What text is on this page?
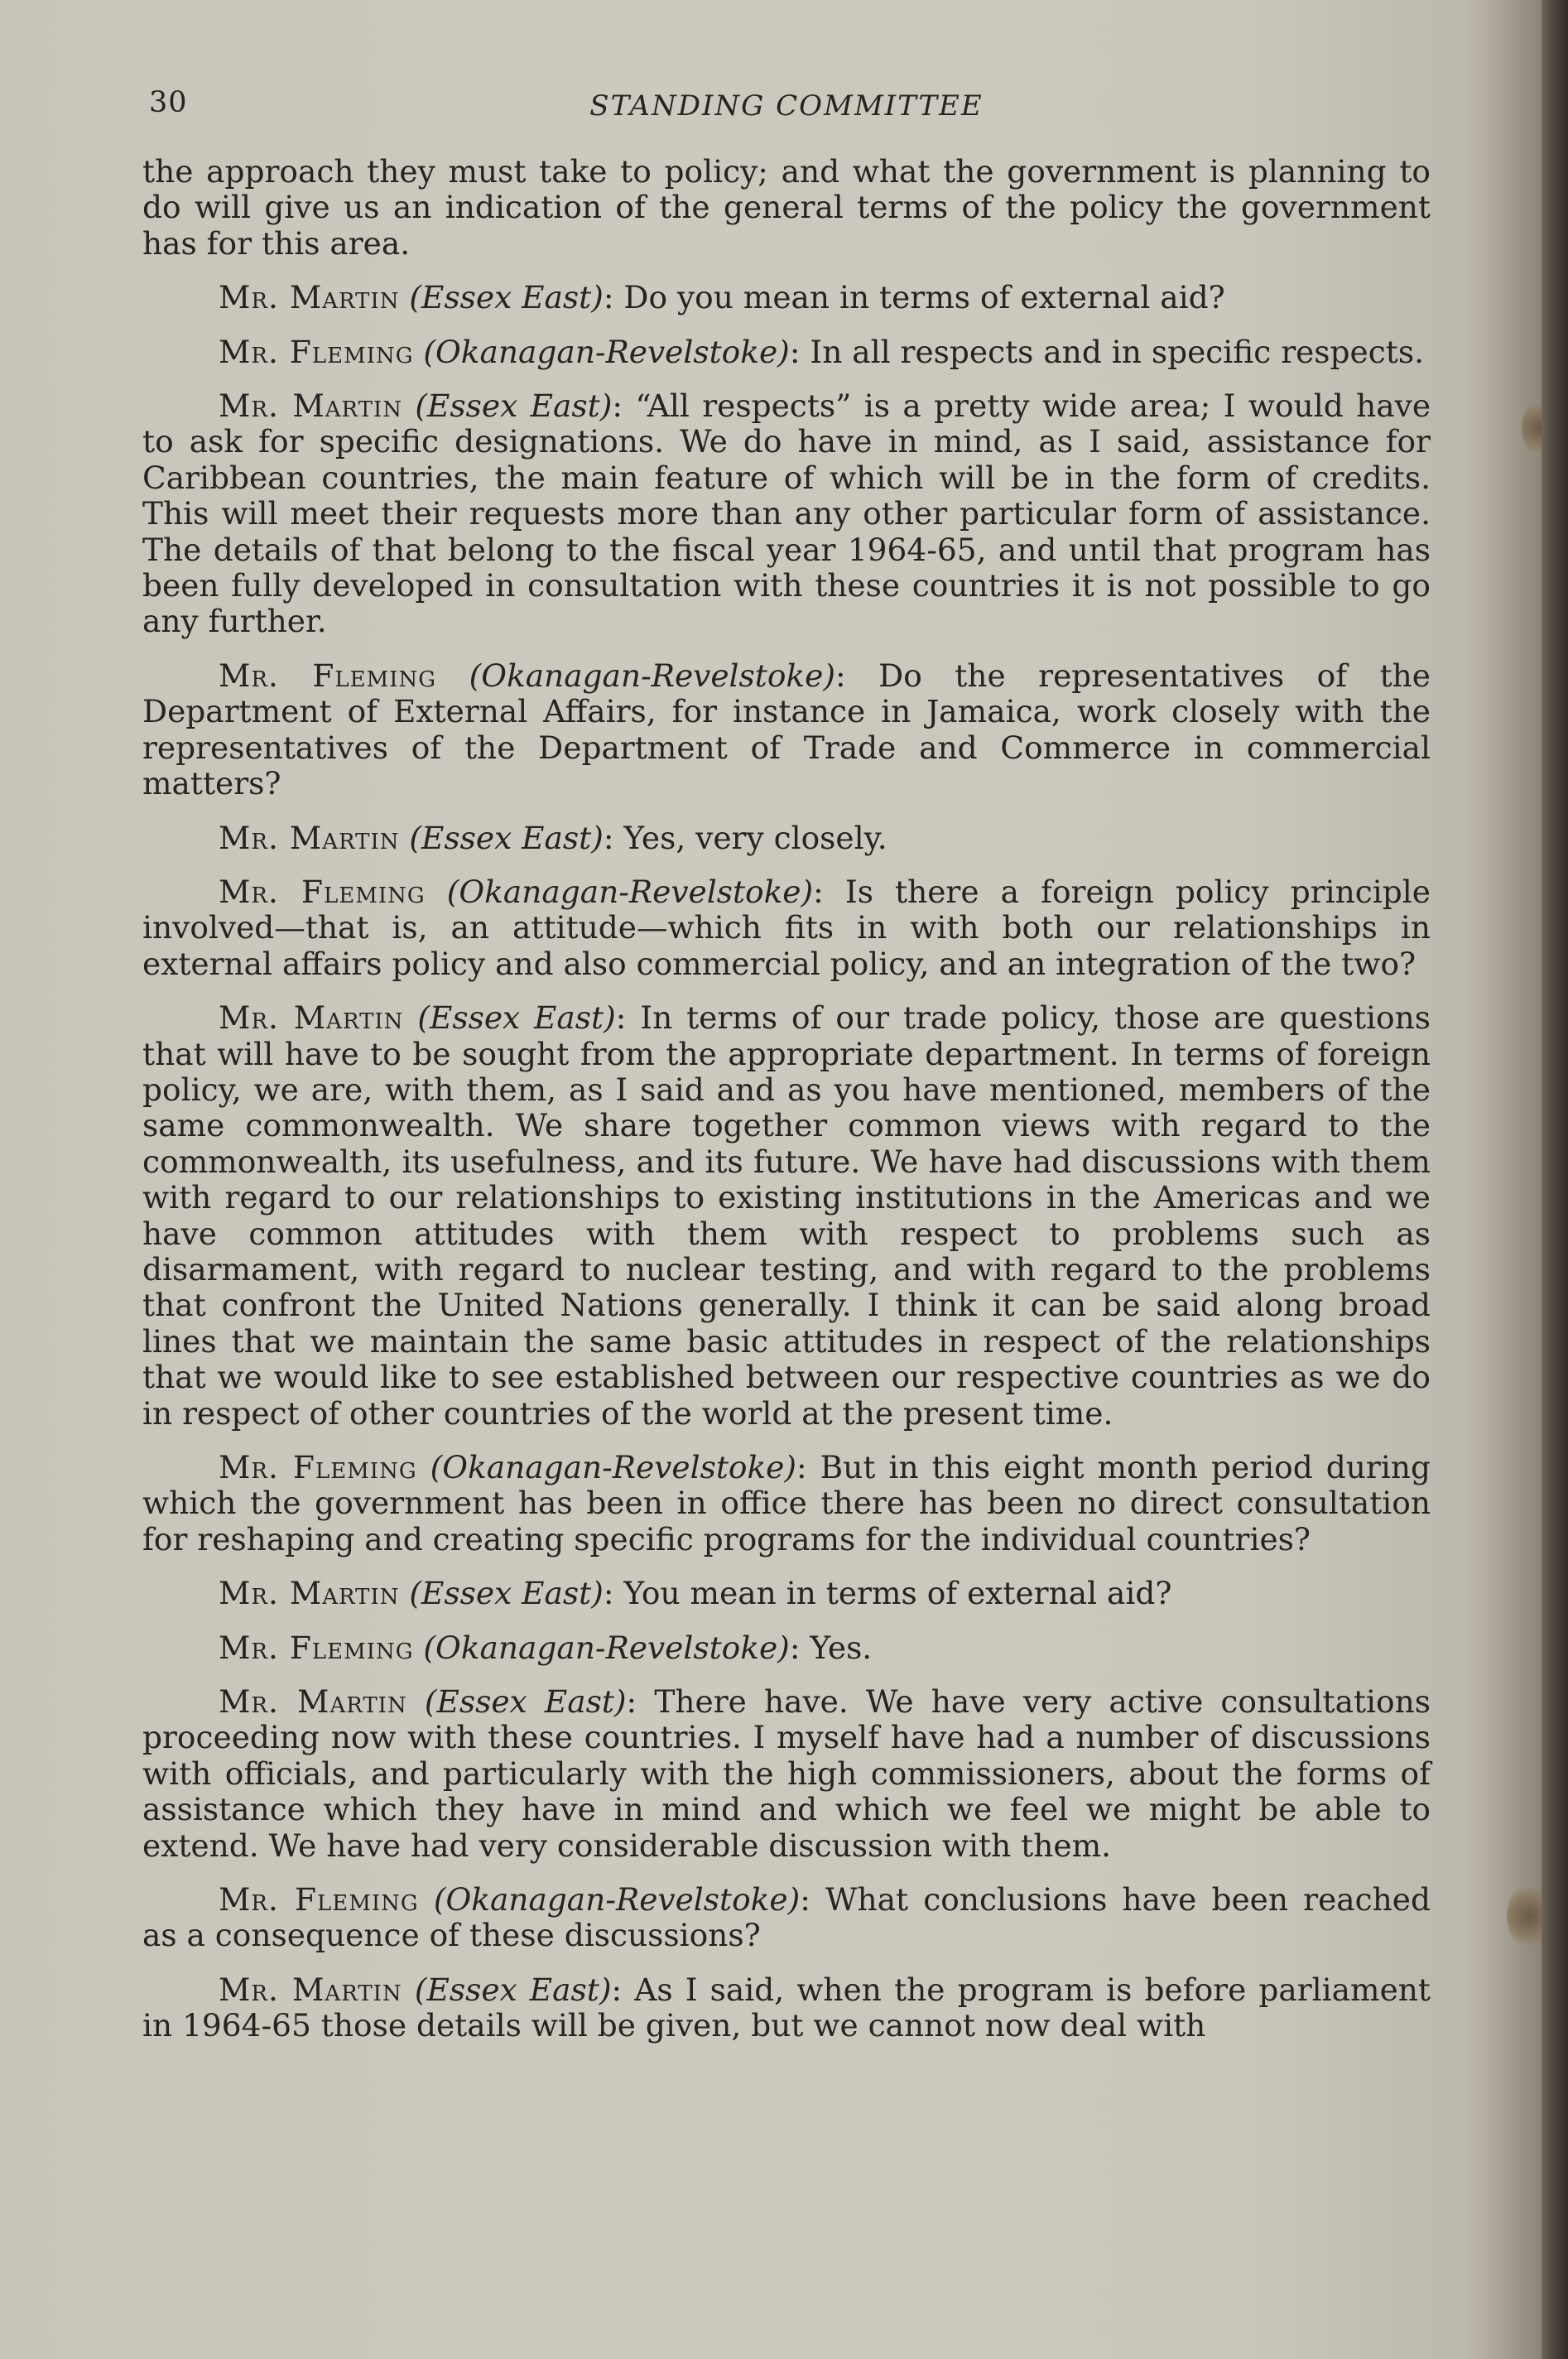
30	STANDING COMMITTEE

the approach they must take to policy; and what the government is planning to do will give us an indication of the general terms of the policy the government has for this area.

Mr. Martin (Essex East): Do you mean in terms of external aid?

Mr. Fleming (Okanagan-Revelstoke): In all respects and in specific respects.

Mr. Martin (Essex East): “All respects” is a pretty wide area; I would have to ask for specific designations. We do have in mind, as I said, assistance for Caribbean countries, the main feature of which will be in the form of credits. This will meet their requests more than any other particular form of assistance. The details of that belong to the fiscal year 1964-65, and until that program has been fully developed in consultation with these countries it is not possible to go any further.

Mr. Fleming (Okanagan-Revelstoke): Do the representatives of the Department of External Affairs, for instance in Jamaica, work closely with the representatives of the Department of Trade and Commerce in commercial matters?

Mr. Martin (Essex East): Yes, very closely.

Mr. Fleming (Okanagan-Revelstoke): Is there a foreign policy principle involved—that is, an attitude—which fits in with both our relationships in external affairs policy and also commercial policy, and an integration of the two?

Mr. Martin (Essex East): In terms of our trade policy, those are questions that will have to be sought from the appropriate department. In terms of foreign policy, we are, with them, as I said and as you have mentioned, members of the same commonwealth. We share together common views with regard to the commonwealth, its usefulness, and its future. We have had discussions with them with regard to our relationships to existing institutions in the Americas and we have common attitudes with them with respect to problems such as disarmament, with regard to nuclear testing, and with regard to the problems that confront the United Nations generally. I think it can be said along broad lines that we maintain the same basic attitudes in respect of the relationships that we would like to see established between our respective countries as we do in respect of other countries of the world at the present time.

Mr. Fleming (Okanagan-Revelstoke): But in this eight month period during which the government has been in office there has been no direct consultation for reshaping and creating specific programs for the individual countries?

Mr. Martin (Essex East): You mean in terms of external aid?

Mr. Fleming (Okanagan-Revelstoke): Yes.

Mr. Martin (Essex East): There have. We have very active consultations proceeding now with these countries. I myself have had a number of discussions with officials, and particularly with the high commissioners, about the forms of assistance which they have in mind and which we feel we might be able to extend. We have had very considerable discussion with them.

Mr. Fleming (Okanagan-Revelstoke): What conclusions have been reached as a consequence of these discussions?

Mr. Martin (Essex East): As I said, when the program is before parliament in 1964-65 those details will be given, but we cannot now deal with
